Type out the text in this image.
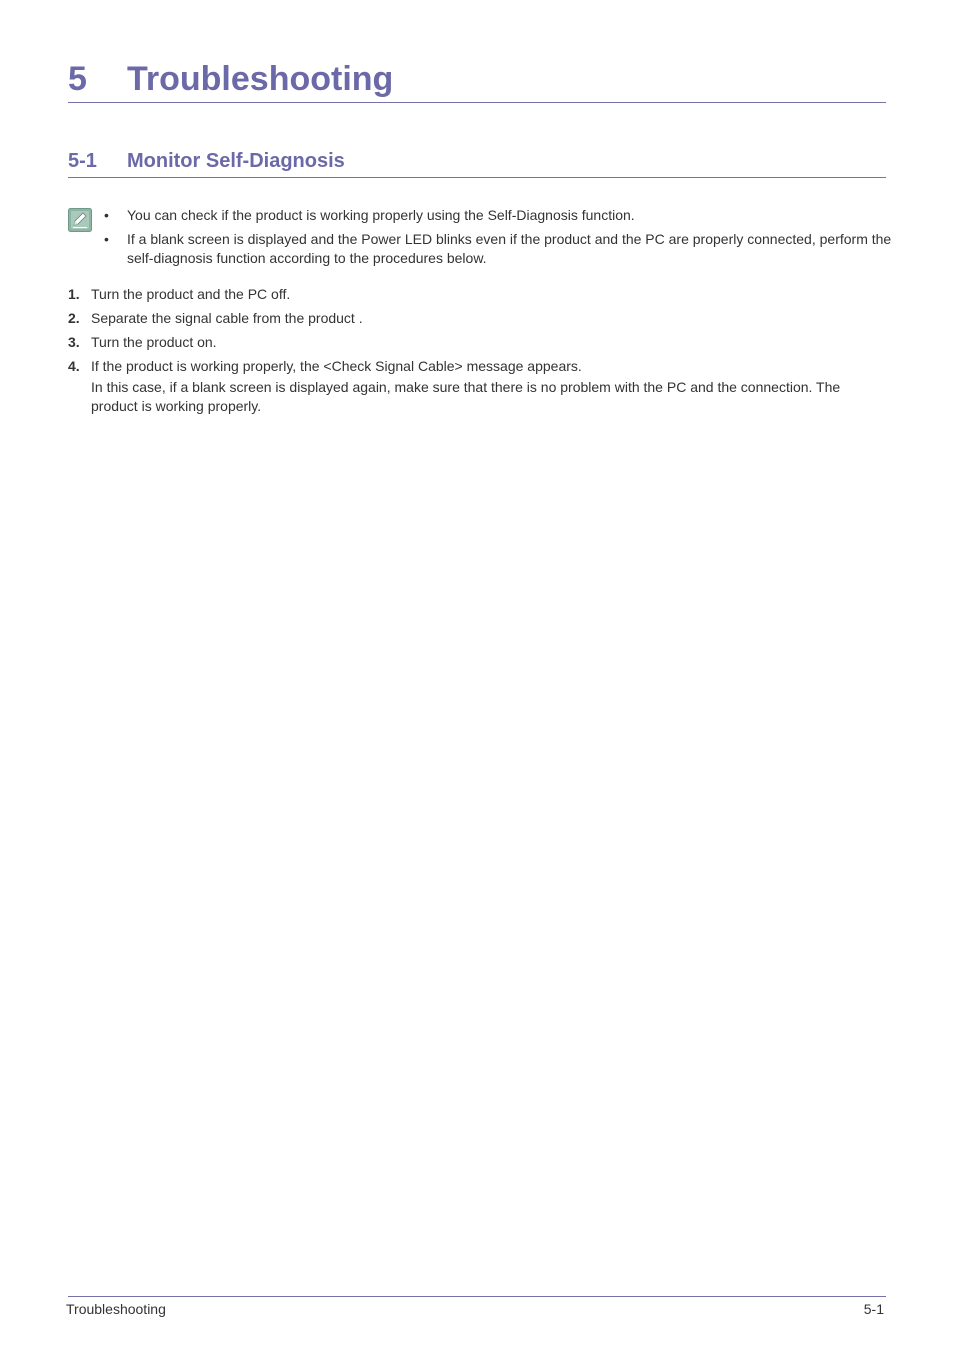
5 Troubleshooting
5-1 Monitor Self-Diagnosis
• You can check if the product is working properly using the Self-Diagnosis function.
• If a blank screen is displayed and the Power LED blinks even if the product and the PC are properly connected, perform the self-diagnosis function according to the procedures below.
1. Turn the product and the PC off.
2. Separate the signal cable from the product .
3. Turn the product on.
4. If the product is working properly, the <Check Signal Cable> message appears.
In this case, if a blank screen is displayed again, make sure that there is no problem with the PC and the connection. The product is working properly.
Troubleshooting	5-1
